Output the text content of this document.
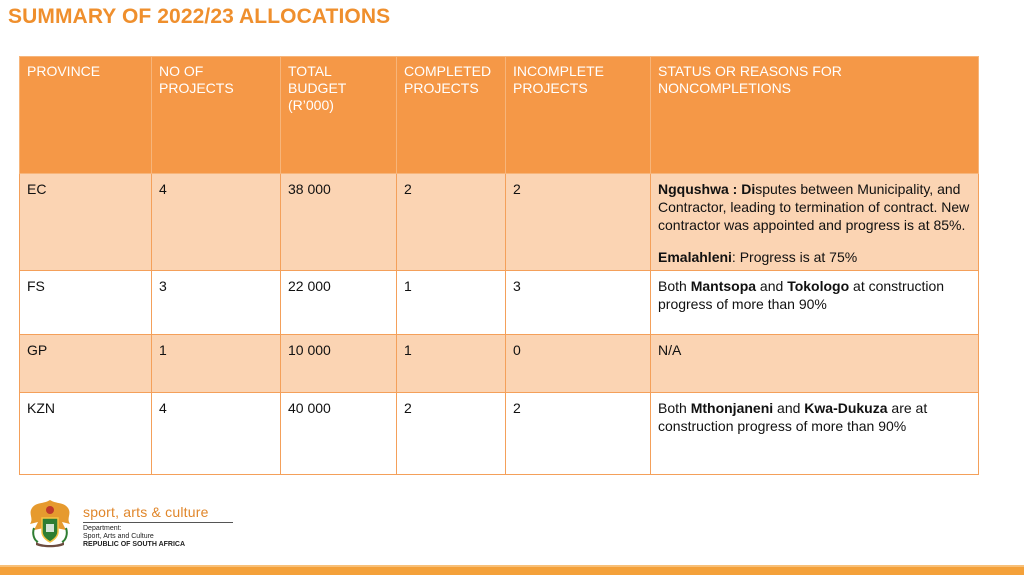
SUMMARY OF 2022/23 ALLOCATIONS
PROVINCE	NO OF PROJECTS	TOTAL BUDGET (R’000)	COMPLETED PROJECTS	INCOMPLETE PROJECTS	STATUS OR REASONS FOR NONCOMPLETIONS
EC	4	38 000	2	2	Ngqushwa : Disputes between Municipality, and Contractor, leading to termination of contract. New contractor was appointed and progress is at 85%.

Emalahleni: Progress is at 75%

FS	3	22 000	1	3	Both Mantsopa and Tokologo at construction progress of more than 90%
GP	1	10 000	1	0	N/A
KZN	4	40 000	2	2	Both Mthonjaneni and Kwa-Dukuza are at construction progress of more than 90%
sport, arts & culture
Department:
Sport, Arts and Culture
REPUBLIC OF SOUTH AFRICA
